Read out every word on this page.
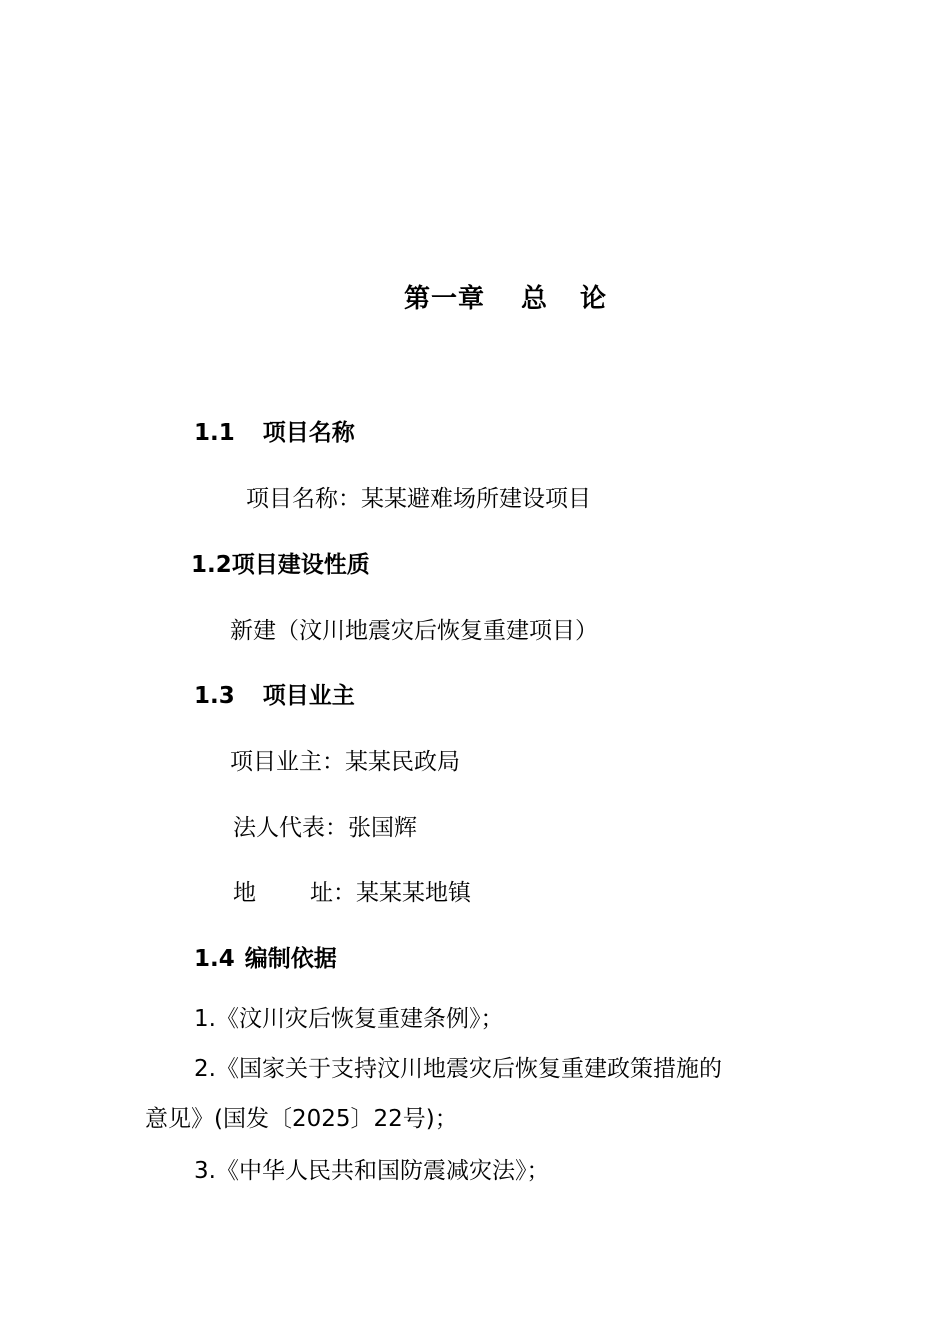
第一章 总 论
1.1 项目名称
项目名称：某某避难场所建设项目
1.2项目建设性质
新建（汶川地震灾后恢复重建项目）
1.3 项目业主
项目业主：某某民政局
法人代表：张国辉
地 址：某某某地镇
1.4 编制依据
1.《汶川灾后恢复重建条例》；
2.《国家关于支持汶川地震灾后恢复重建政策措施的
意见》(国发〔2025〕22号)；
3.《中华人民共和国防震减灾法》；
